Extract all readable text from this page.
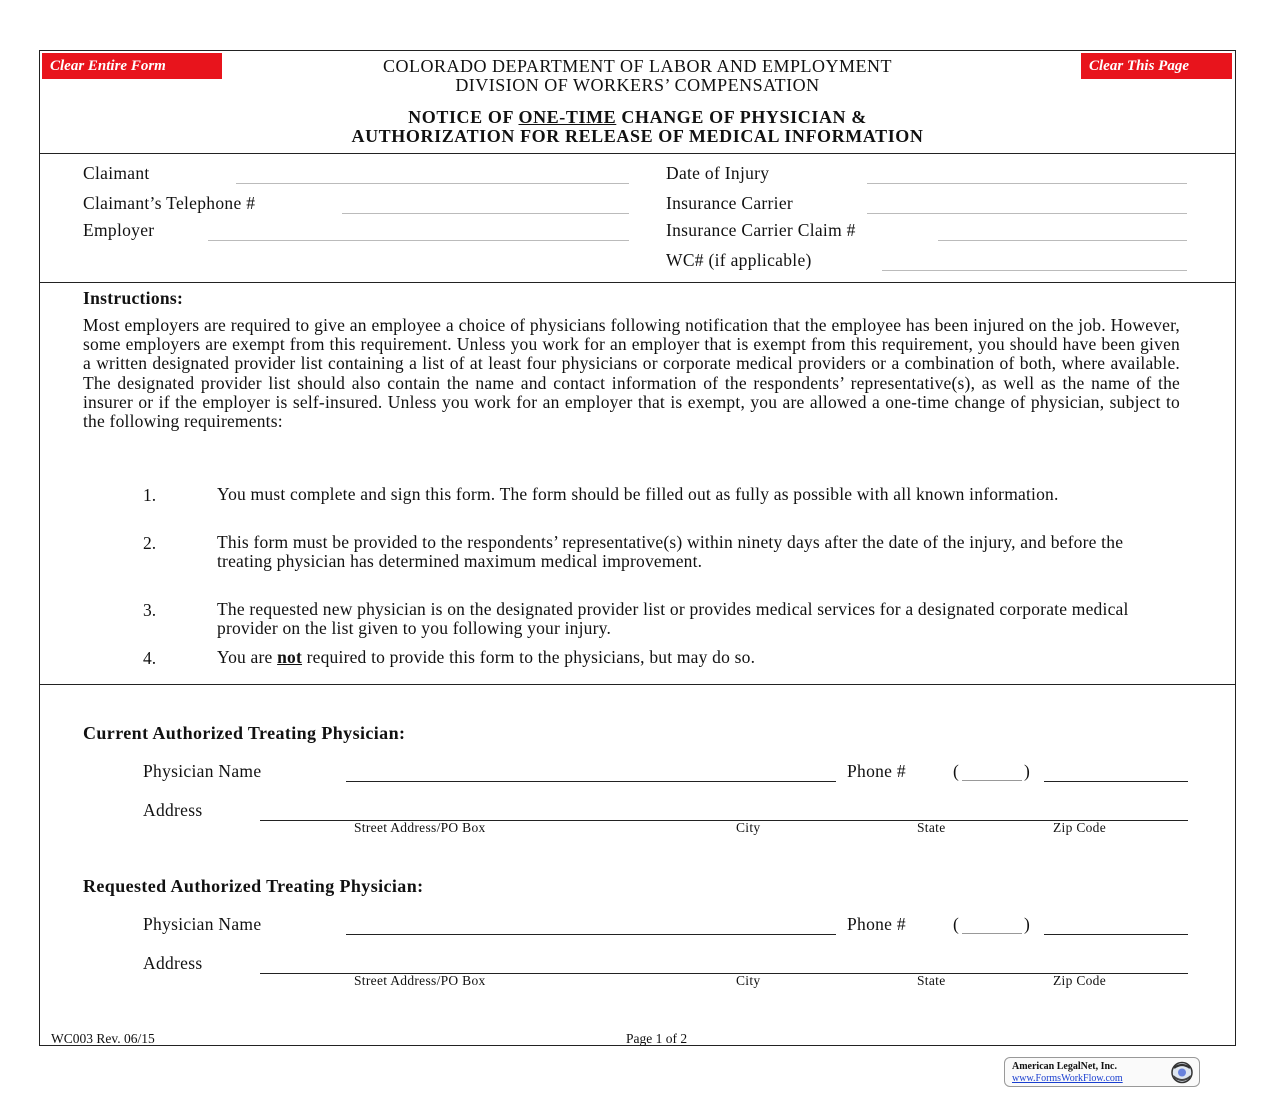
Clear Entire Form	Clear This Page
COLORADO DEPARTMENT OF LABOR AND EMPLOYMENT
DIVISION OF WORKERS’ COMPENSATION
NOTICE OF ONE-TIME CHANGE OF PHYSICIAN &
AUTHORIZATION FOR RELEASE OF MEDICAL INFORMATION
Claimant
Claimant’s Telephone #
Employer
Date of Injury
Insurance Carrier
Insurance Carrier Claim #
WC# (if applicable)
Instructions:

Most employers are required to give an employee a choice of physicians following notification that the employee has been injured on the job. However, some employers are exempt from this requirement. Unless you work for an employer that is exempt from this requirement, you should have been given a written designated provider list containing a list of at least four physicians or corporate medical providers or a combination of both, where available. The designated provider list should also contain the name and contact information of the respondents’ representative(s), as well as the name of the insurer or if the employer is self-insured. Unless you work for an employer that is exempt, you are allowed a one-time change of physician, subject to the following requirements:

1.	You must complete and sign this form. The form should be filled out as fully as possible with all known information.

2.	This form must be provided to the respondents’ representative(s) within ninety days after the date of the injury, and before the treating physician has determined maximum medical improvement.

3.	The requested new physician is on the designated provider list or provides medical services for a designated corporate medical provider on the list given to you following your injury.

4.	You are not required to provide this form to the physicians, but may do so.

Current Authorized Treating Physician:
Physician Name	Phone #	(	)
Address
Street Address/PO Box	City	State	Zip Code
Requested Authorized Treating Physician:
Physician Name	Phone #	(	)
Address
Street Address/PO Box	City	State	Zip Code
WC003 Rev. 06/15	Page 1 of 2
American LegalNet, Inc.
www.FormsWorkFlow.com
